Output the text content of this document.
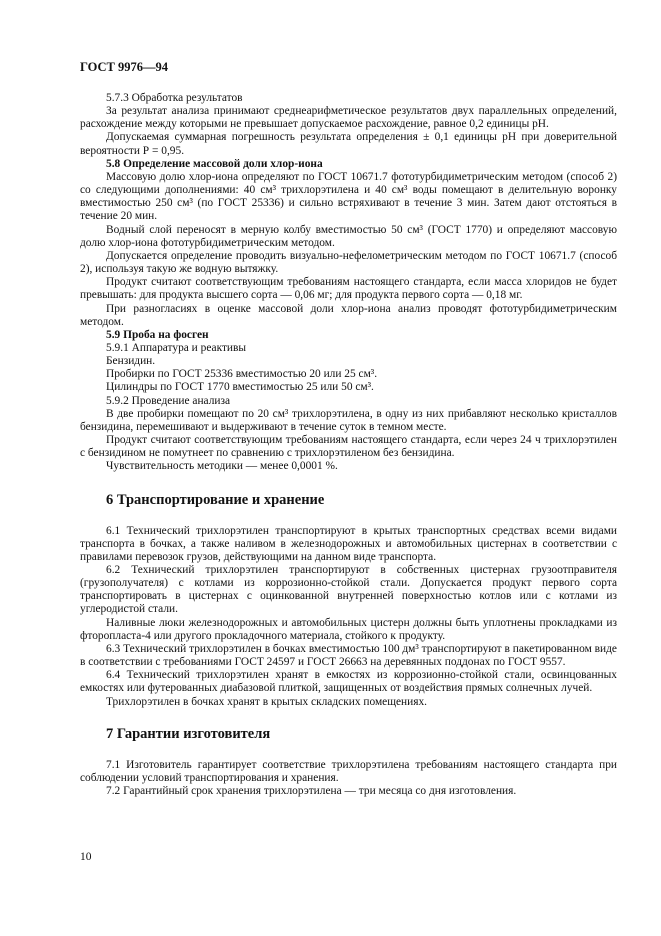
ГОСТ 9976—94

5.7.3 Обработка результатов

За результат анализа принимают среднеарифметическое результатов двух параллельных определений, расхождение между которыми не превышает допускаемое расхождение, равное 0,2 единицы рН.

Допускаемая суммарная погрешность результата определения ± 0,1 единицы рН при доверительной вероятности Р = 0,95.

5.8 Определение массовой доли хлор-иона

Массовую долю хлор-иона определяют по ГОСТ 10671.7 фототурбидиметрическим методом (способ 2) со следующими дополнениями: 40 см³ трихлорэтилена и 40 см³ воды помещают в делительную воронку вместимостью 250 см³ (по ГОСТ 25336) и сильно встряхивают в течение 3 мин. Затем дают отстояться в течение 20 мин.

Водный слой переносят в мерную колбу вместимостью 50 см³ (ГОСТ 1770) и определяют массовую долю хлор-иона фототурбидиметрическим методом.

Допускается определение проводить визуально-нефелометрическим методом по ГОСТ 10671.7 (способ 2), используя такую же водную вытяжку.

Продукт считают соответствующим требованиям настоящего стандарта, если масса хлоридов не будет превышать: для продукта высшего сорта — 0,06 мг; для продукта первого сорта — 0,18 мг.

При разногласиях в оценке массовой доли хлор-иона анализ проводят фототурбидиметрическим методом.

5.9 Проба на фосген

5.9.1 Аппаратура и реактивы

Бензидин.

Пробирки по ГОСТ 25336 вместимостью 20 или 25 см³.

Цилиндры по ГОСТ 1770 вместимостью 25 или 50 см³.

5.9.2 Проведение анализа

В две пробирки помещают по 20 см³ трихлорэтилена, в одну из них прибавляют несколько кристаллов бензидина, перемешивают и выдерживают в течение суток в темном месте.

Продукт считают соответствующим требованиям настоящего стандарта, если через 24 ч трихлорэтилен с бензидином не помутнеет по сравнению с трихлорэтиленом без бензидина.

Чувствительность методики — менее 0,0001 %.

6 Транспортирование и хранение

6.1 Технический трихлорэтилен транспортируют в крытых транспортных средствах всеми видами транспорта в бочках, а также наливом в железнодорожных и автомобильных цистернах в соответствии с правилами перевозок грузов, действующими на данном виде транспорта.

6.2 Технический трихлорэтилен транспортируют в собственных цистернах грузоотправителя (грузополучателя) с котлами из коррозионно-стойкой стали. Допускается продукт первого сорта транспортировать в цистернах с оцинкованной внутренней поверхностью котлов или с котлами из углеродистой стали.

Наливные люки железнодорожных и автомобильных цистерн должны быть уплотнены прокладками из фторопласта-4 или другого прокладочного материала, стойкого к продукту.

6.3 Технический трихлорэтилен в бочках вместимостью 100 дм³ транспортируют в пакетированном виде в соответствии с требованиями ГОСТ 24597 и ГОСТ 26663 на деревянных поддонах по ГОСТ 9557.

6.4 Технический трихлорэтилен хранят в емкостях из коррозионно-стойкой стали, освинцованных емкостях или футерованных диабазовой плиткой, защищенных от воздействия прямых солнечных лучей.

Трихлорэтилен в бочках хранят в крытых складских помещениях.

7 Гарантии изготовителя

7.1 Изготовитель гарантирует соответствие трихлорэтилена требованиям настоящего стандарта при соблюдении условий транспортирования и хранения.

7.2 Гарантийный срок хранения трихлорэтилена — три месяца со дня изготовления.

10
